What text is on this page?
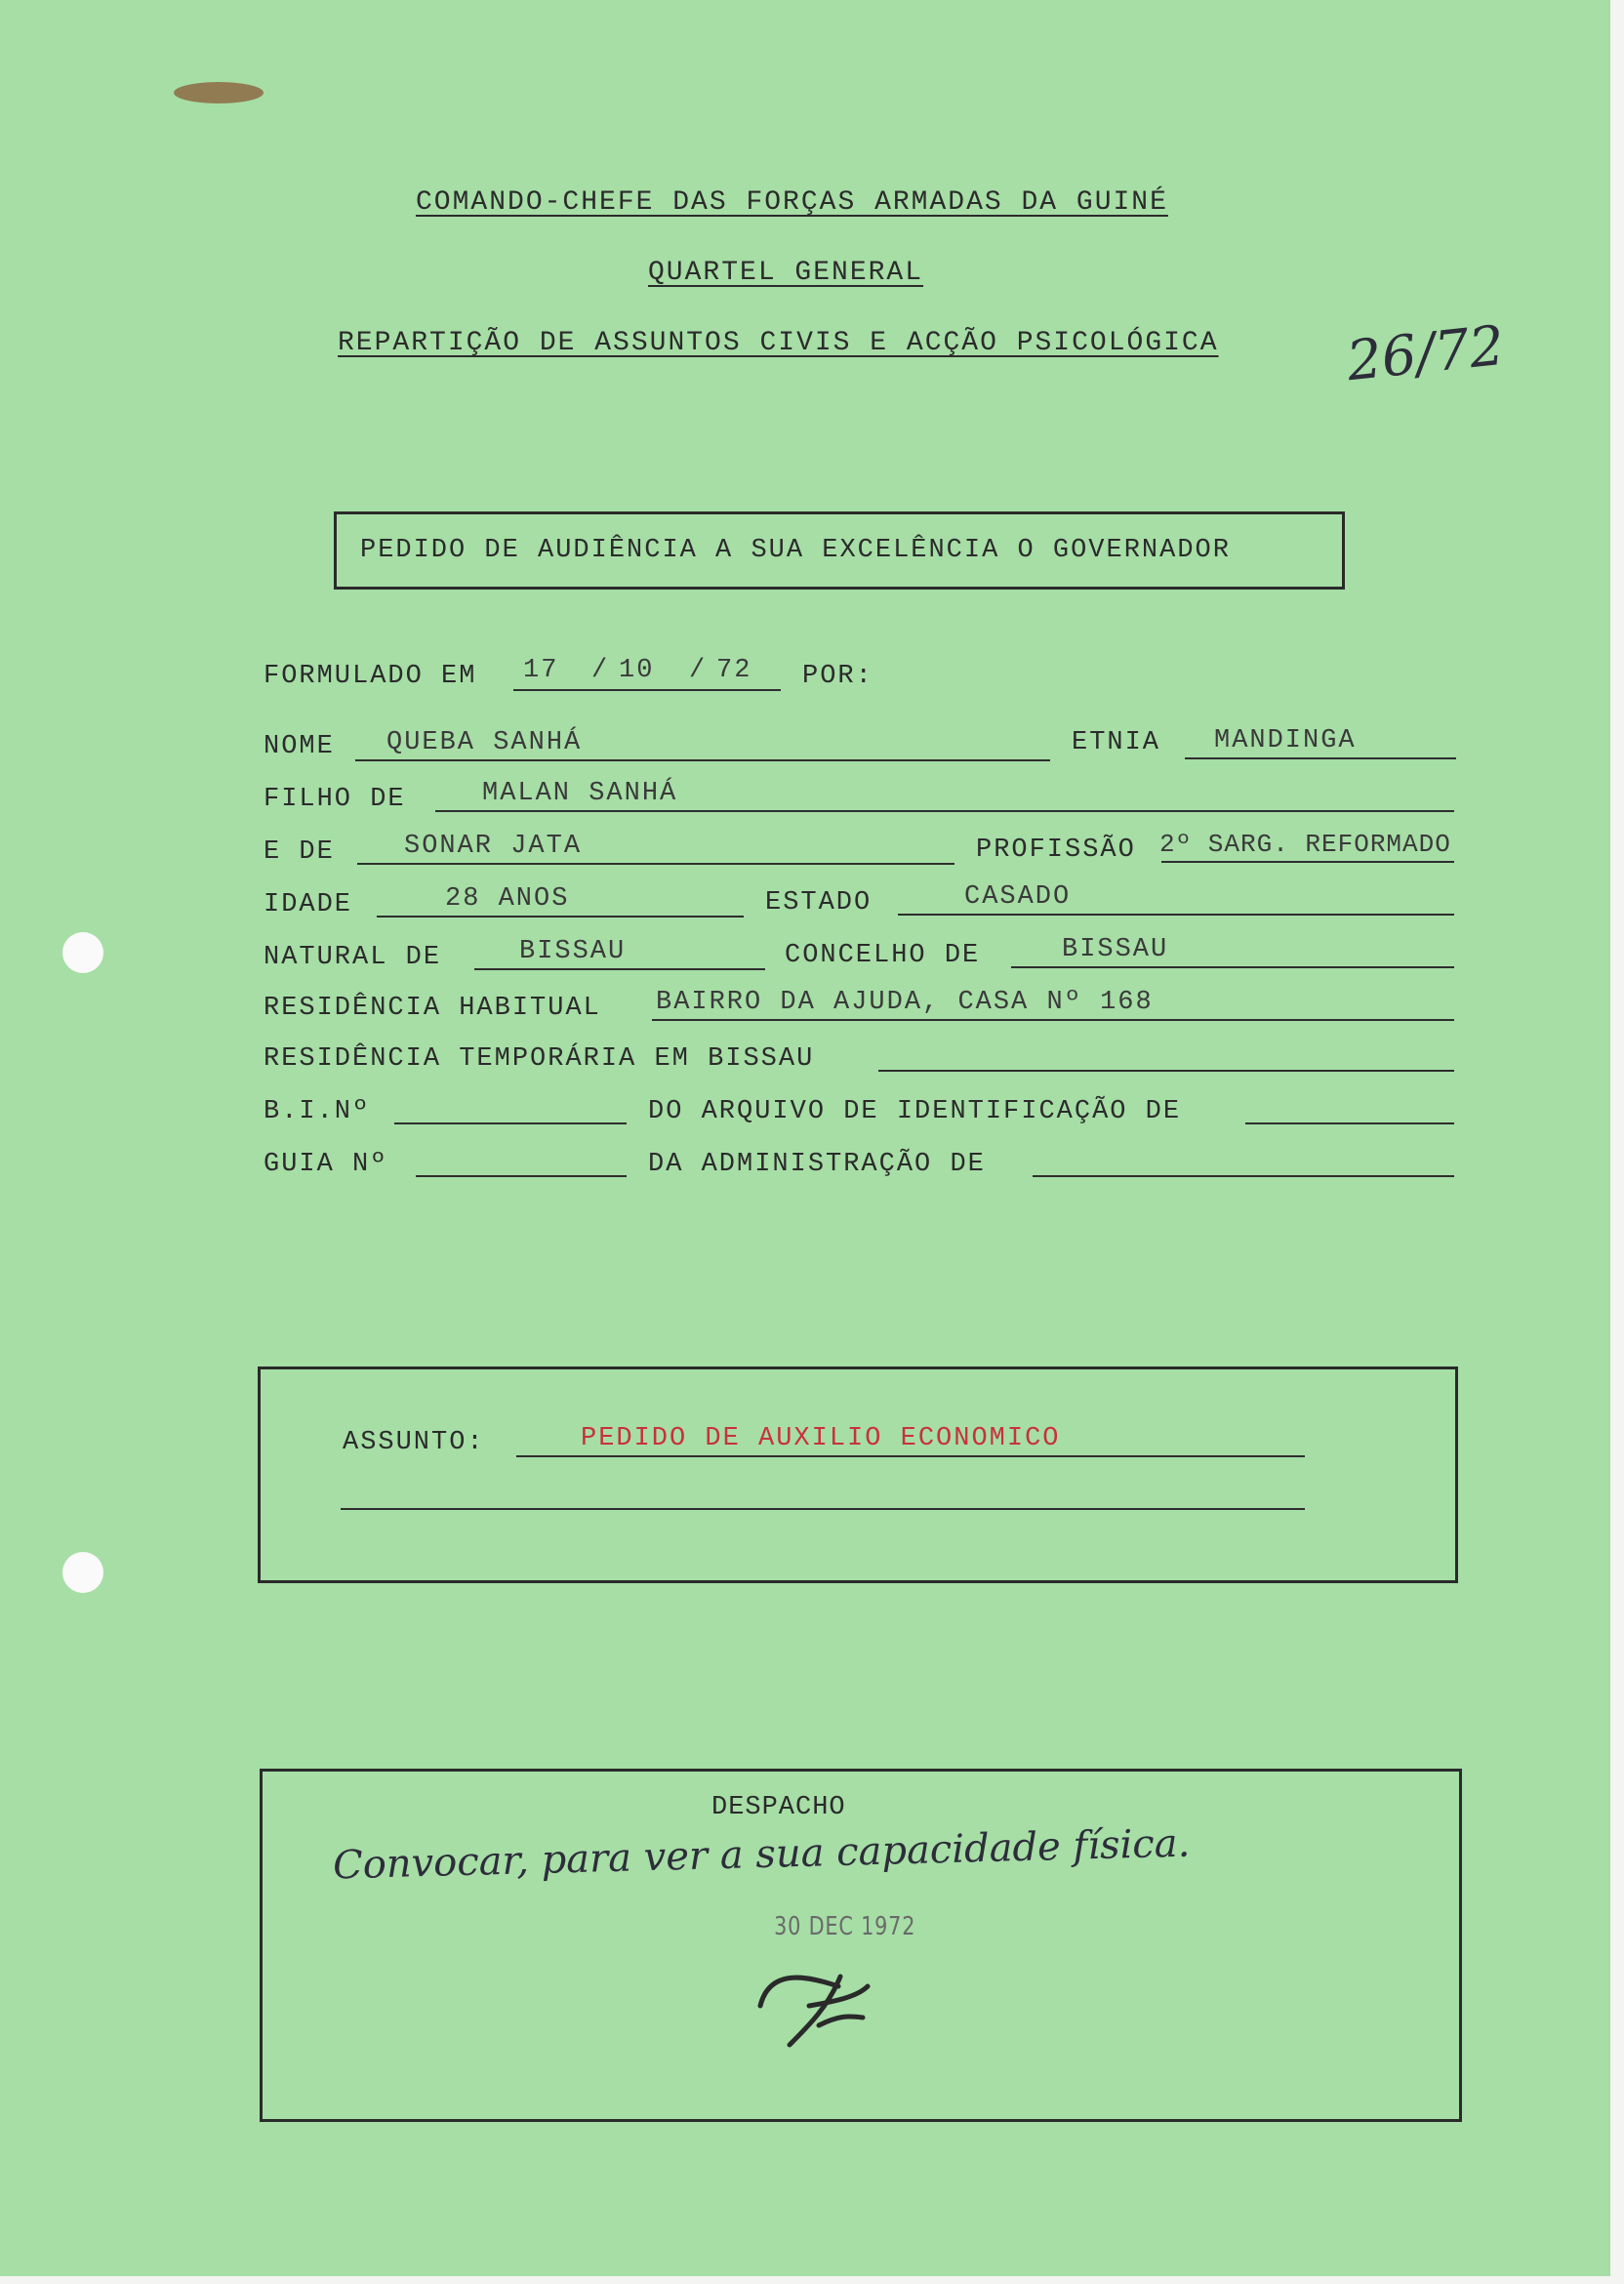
COMANDO-CHEFE DAS FORÇAS ARMADAS DA GUINÉ
QUARTEL GENERAL
REPARTIÇÃO DE ASSUNTOS CIVIS E ACÇÃO PSICOLÓGICA 26/72
PEDIDO DE AUDIÊNCIA A SUA EXCELÊNCIA O GOVERNADOR
FORMULADO EM 17 / 10 / 72 POR:
NOME QUEBA SANHÁ	ETNIA MANDINGA
FILHO DE	MALAN SANHÁ
E DE	SONAR JATA	PROFISSÃO 2º SARG. REFORMADO
IDADE	28 ANOS	ESTADO	CASADO
NATURAL DE	BISSAU	CONCELHO DE	BISSAU
RESIDÊNCIA HABITUAL BAIRRO DA AJUDA, CASA Nº 168
RESIDÊNCIA TEMPORÁRIA EM BISSAU
B.I.Nº	DO ARQUIVO DE IDENTIFICAÇÃO DE
GUIA Nº	DA ADMINISTRAÇÃO DE
ASSUNTO:	PEDIDO DE AUXILIO ECONOMICO
DESPACHO
Convocar, para ver a sua capacidade física.
30 DEC 1972
